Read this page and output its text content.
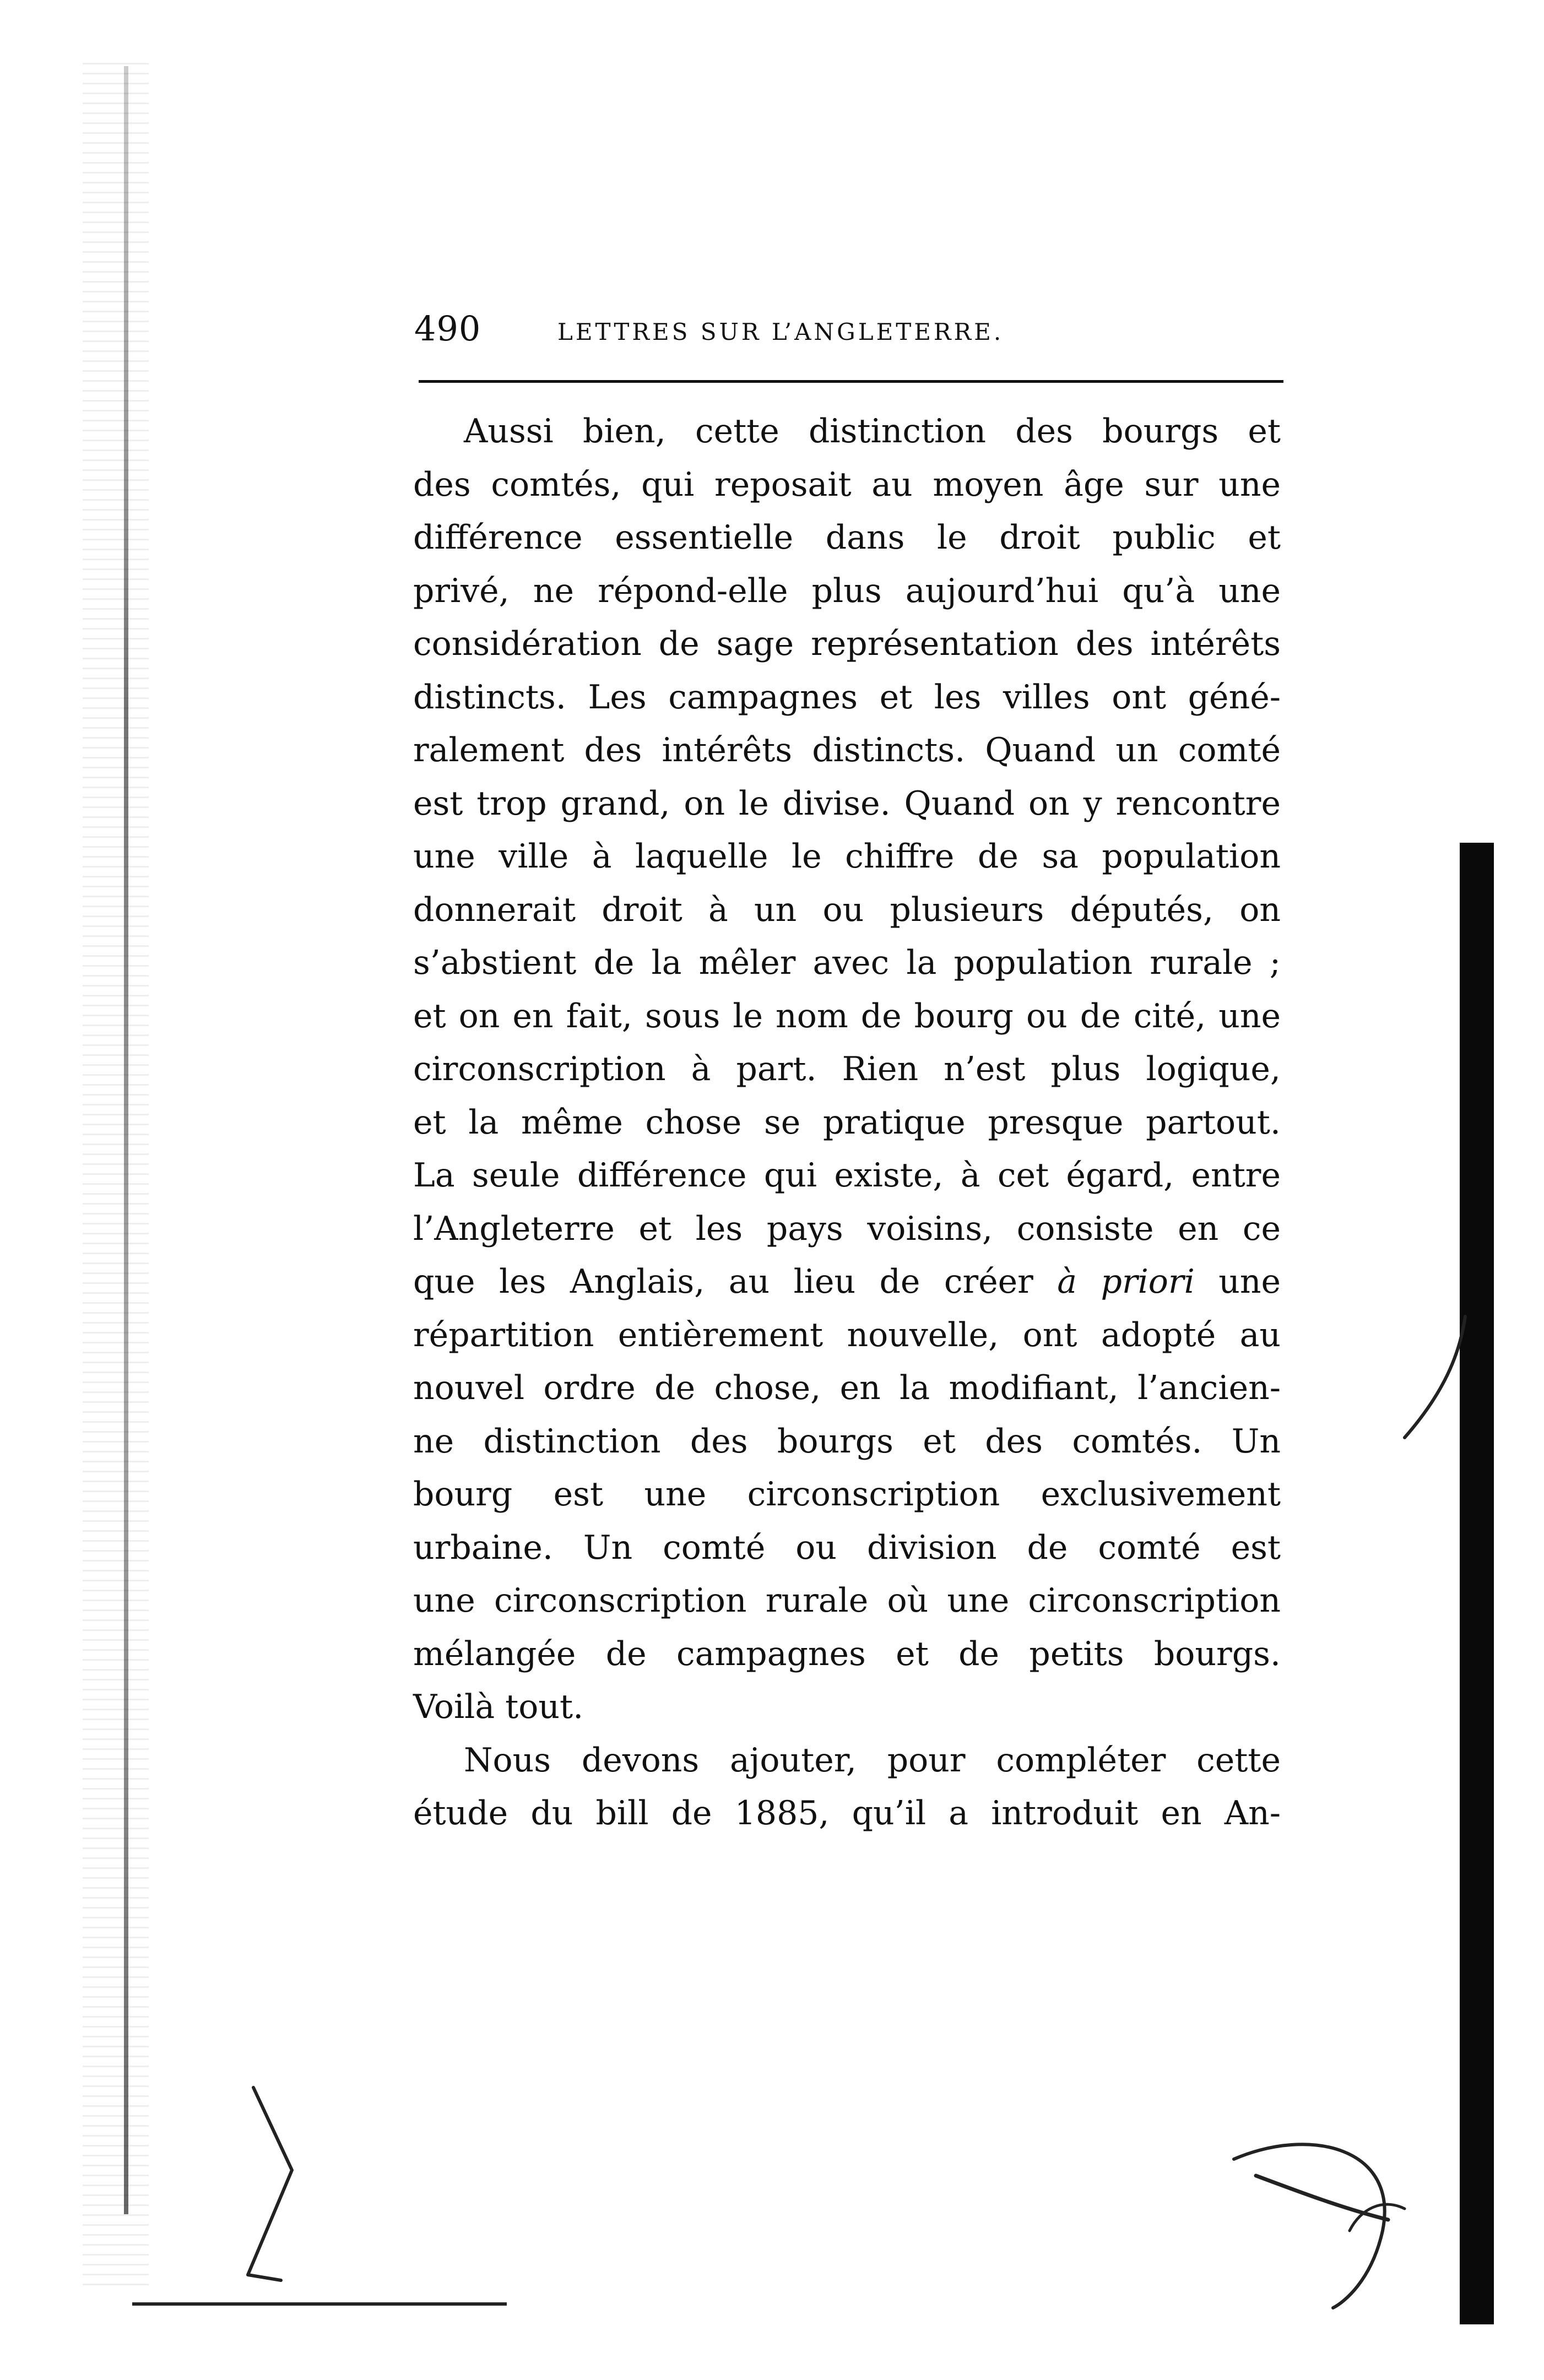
490	LETTRES SUR L’ANGLETERRE.
Aussi bien, cette distinction des bourgs et
des comtés, qui reposait au moyen âge sur une
différence essentielle dans le droit public et
privé, ne répond-elle plus aujourd’hui qu’à une
considération de sage représentation des intérêts
distincts. Les campagnes et les villes ont géné-
ralement des intérêts distincts. Quand un comté
est trop grand, on le divise. Quand on y rencontre
une ville à laquelle le chiffre de sa population
donnerait droit à un ou plusieurs députés, on
s’abstient de la mêler avec la population rurale ;
et on en fait, sous le nom de bourg ou de cité, une
circonscription à part. Rien n’est plus logique,
et la même chose se pratique presque partout.
La seule différence qui existe, à cet égard, entre
l’Angleterre et les pays voisins, consiste en ce
que les Anglais, au lieu de créer à priori une
répartition entièrement nouvelle, ont adopté au
nouvel ordre de chose, en la modifiant, l’ancien-
ne distinction des bourgs et des comtés. Un
bourg est une circonscription exclusivement
urbaine. Un comté ou division de comté est
une circonscription rurale où une circonscription
mélangée de campagnes et de petits bourgs.
Voilà tout.
Nous devons ajouter, pour compléter cette
étude du bill de 1885, qu’il a introduit en An-
